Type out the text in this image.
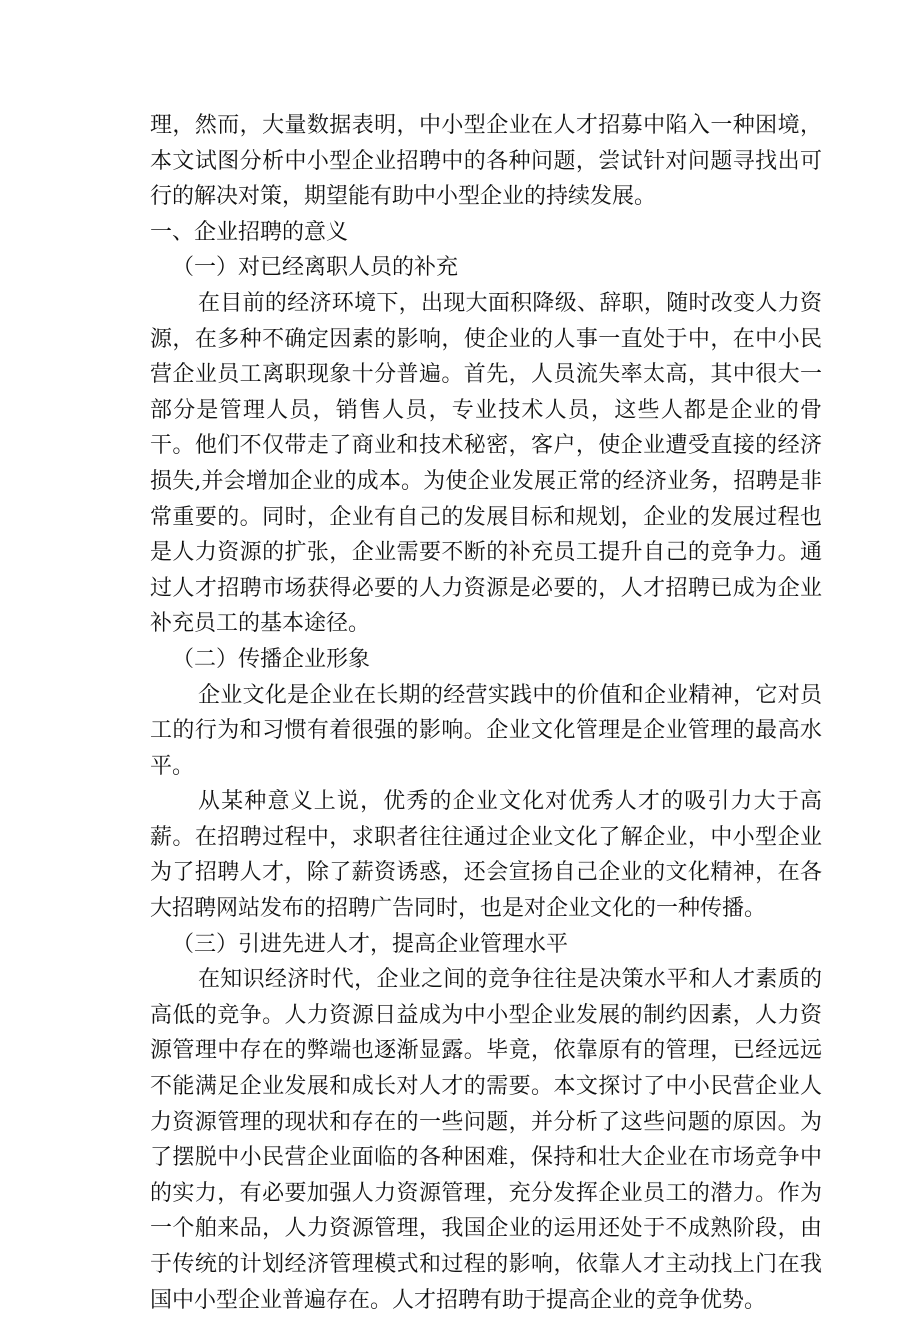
理，然而，大量数据表明，中小型企业在人才招募中陷入一种困境，本文试图分析中小型企业招聘中的各种问题，尝试针对问题寻找出可行的解决对策，期望能有助中小型企业的持续发展。

一、企业招聘的意义
（一）对已经离职人员的补充

在目前的经济环境下，出现大面积降级、辞职，随时改变人力资源，在多种不确定因素的影响，使企业的人事一直处于中，在中小民营企业员工离职现象十分普遍。首先，人员流失率太高，其中很大一部分是管理人员，销售人员，专业技术人员，这些人都是企业的骨干。他们不仅带走了商业和技术秘密，客户，使企业遭受直接的经济损失,并会增加企业的成本。为使企业发展正常的经济业务，招聘是非常重要的。同时，企业有自己的发展目标和规划，企业的发展过程也是人力资源的扩张，企业需要不断的补充员工提升自己的竞争力。通过人才招聘市场获得必要的人力资源是必要的，人才招聘已成为企业补充员工的基本途径。

（二）传播企业形象

企业文化是企业在长期的经营实践中的价值和企业精神，它对员工的行为和习惯有着很强的影响。企业文化管理是企业管理的最高水平。

从某种意义上说，优秀的企业文化对优秀人才的吸引力大于高薪。在招聘过程中，求职者往往通过企业文化了解企业，中小型企业为了招聘人才，除了薪资诱惑，还会宣扬自己企业的文化精神，在各大招聘网站发布的招聘广告同时，也是对企业文化的一种传播。

（三）引进先进人才，提高企业管理水平

在知识经济时代，企业之间的竞争往往是决策水平和人才素质的高低的竞争。人力资源日益成为中小型企业发展的制约因素，人力资源管理中存在的弊端也逐渐显露。毕竟，依靠原有的管理，已经远远不能满足企业发展和成长对人才的需要。本文探讨了中小民营企业人力资源管理的现状和存在的一些问题，并分析了这些问题的原因。为了摆脱中小民营企业面临的各种困难，保持和壮大企业在市场竞争中的实力，有必要加强人力资源管理，充分发挥企业员工的潜力。作为一个舶来品，人力资源管理，我国企业的运用还处于不成熟阶段，由于传统的计划经济管理模式和过程的影响，依靠人才主动找上门在我国中小型企业普遍存在。人才招聘有助于提高企业的竞争优势。
